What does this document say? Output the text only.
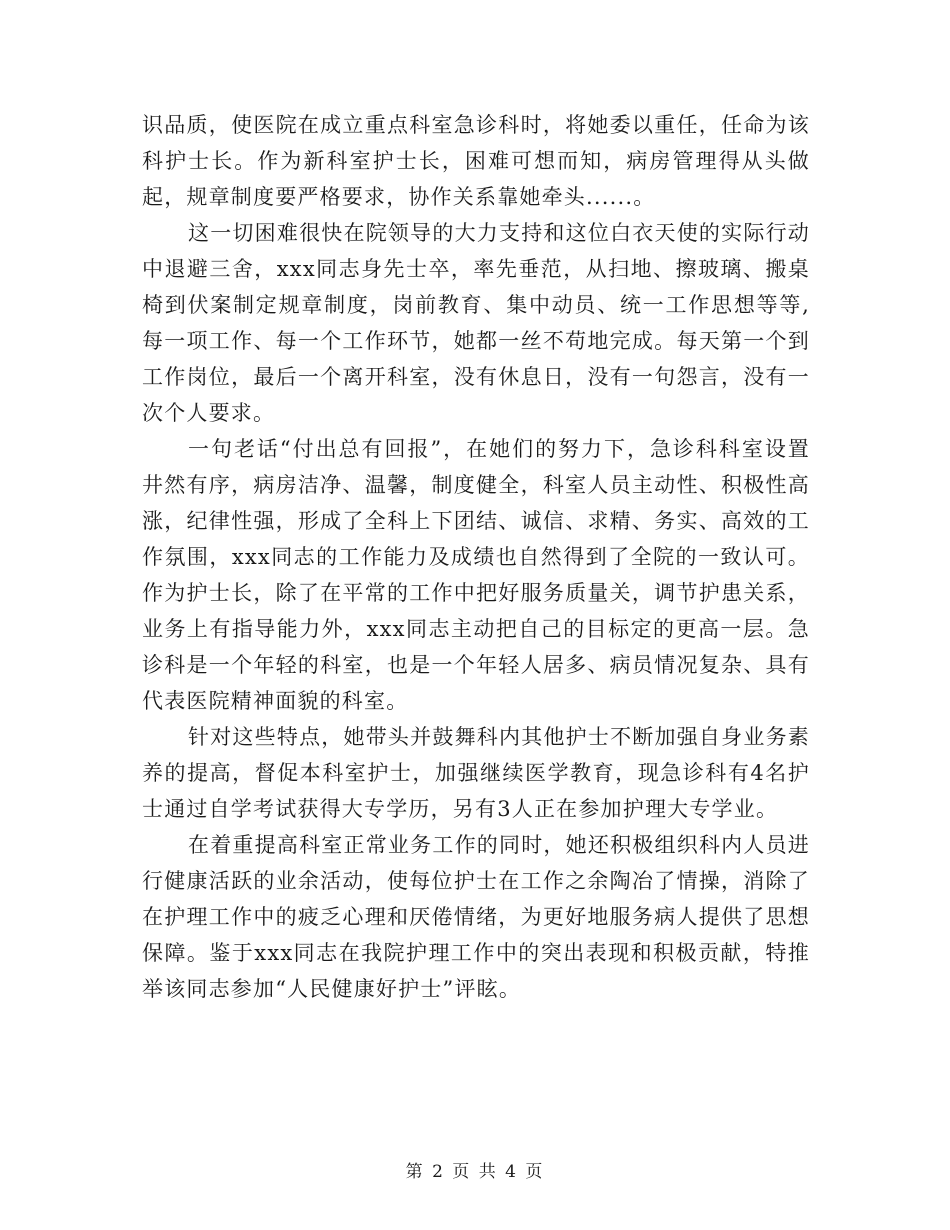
识品质，使医院在成立重点科室急诊科时，将她委以重任，任命为该科护士长。作为新科室护士长，困难可想而知，病房管理得从头做起，规章制度要严格要求，协作关系靠她牵头......。

这一切困难很快在院领导的大力支持和这位白衣天使的实际行动中退避三舍，xxx同志身先士卒，率先垂范，从扫地、擦玻璃、搬桌椅到伏案制定规章制度，岗前教育、集中动员、统一工作思想等等,每一项工作、每一个工作环节，她都一丝不苟地完成。每天第一个到工作岗位，最后一个离开科室，没有休息日，没有一句怨言，没有一次个人要求。

一句老话“付出总有回报”，在她们的努力下，急诊科科室设置井然有序，病房洁净、温馨，制度健全，科室人员主动性、积极性高涨，纪律性强，形成了全科上下团结、诚信、求精、务实、高效的工作氛围，xxx同志的工作能力及成绩也自然得到了全院的一致认可。作为护士长，除了在平常的工作中把好服务质量关，调节护患关系，业务上有指导能力外，xxx同志主动把自己的目标定的更高一层。急诊科是一个年轻的科室，也是一个年轻人居多、病员情况复杂、具有代表医院精神面貌的科室。

针对这些特点，她带头并鼓舞科内其他护士不断加强自身业务素养的提高，督促本科室护士，加强继续医学教育，现急诊科有4名护士通过自学考试获得大专学历，另有3人正在参加护理大专学业。

在着重提高科室正常业务工作的同时，她还积极组织科内人员进行健康活跃的业余活动，使每位护士在工作之余陶冶了情操，消除了在护理工作中的疲乏心理和厌倦情绪，为更好地服务病人提供了思想保障。鉴于xxx同志在我院护理工作中的突出表现和积极贡献，特推举该同志参加“人民健康好护士”评眩。

第 2 页 共 4 页
